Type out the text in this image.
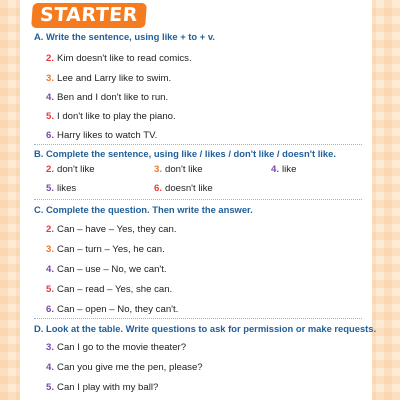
STARTER
A. Write the sentence, using like + to + v.
2. Kim doesn't like to read comics.
3. Lee and Larry like to swim.
4. Ben and I don't like to run.
5. I don't like to play the piano.
6. Harry likes to watch TV.
B. Complete the sentence, using like / likes / don't like / doesn't like.
2. don't like	3. don't like	4. like
5. likes	6. doesn't like
C. Complete the question. Then write the answer.
2. Can – have – Yes, they can.
3. Can – turn – Yes, he can.
4. Can – use – No, we can't.
5. Can – read – Yes, she can.
6. Can – open – No, they can't.
D. Look at the table. Write questions to ask for permission or make requests.
3. Can I go to the movie theater?
4. Can you give me the pen, please?
5. Can I play with my ball?
